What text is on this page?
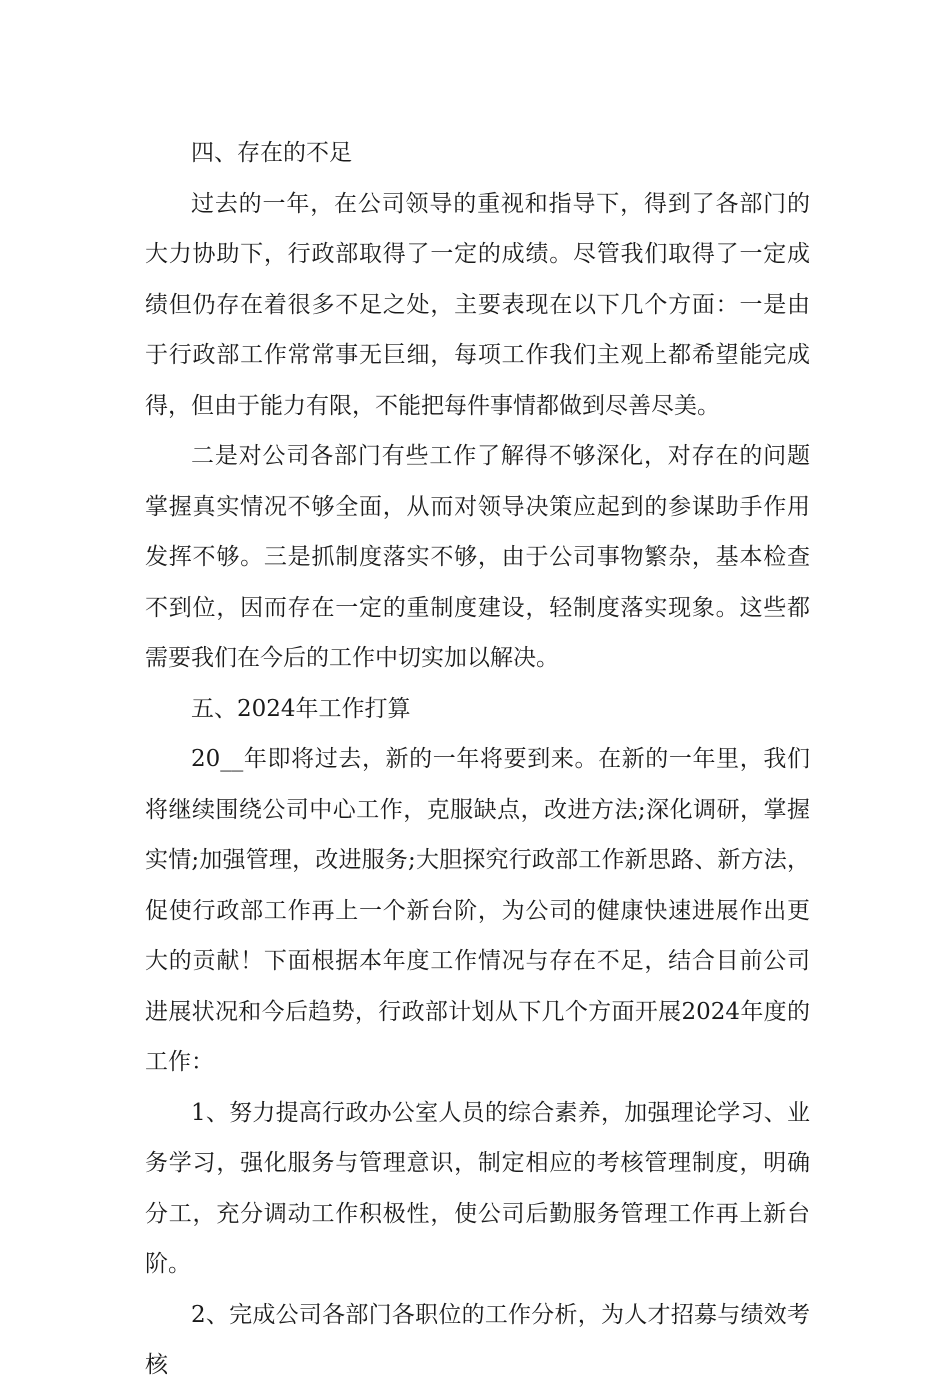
四、存在的不足

过去的一年，在公司领导的重视和指导下，得到了各部门的大力协助下，行政部取得了一定的成绩。尽管我们取得了一定成绩但仍存在着很多不足之处，主要表现在以下几个方面：一是由于行政部工作常常事无巨细，每项工作我们主观上都希望能完成得，但由于能力有限，不能把每件事情都做到尽善尽美。

二是对公司各部门有些工作了解得不够深化，对存在的问题掌握真实情况不够全面，从而对领导决策应起到的参谋助手作用发挥不够。三是抓制度落实不够，由于公司事物繁杂，基本检查不到位，因而存在一定的重制度建设，轻制度落实现象。这些都需要我们在今后的工作中切实加以解决。

五、2024年工作打算

20__年即将过去，新的一年将要到来。在新的一年里，我们将继续围绕公司中心工作，克服缺点，改进方法;深化调研，掌握实情;加强管理，改进服务;大胆探究行政部工作新思路、新方法，促使行政部工作再上一个新台阶，为公司的健康快速进展作出更大的贡献！下面根据本年度工作情况与存在不足，结合目前公司进展状况和今后趋势，行政部计划从下几个方面开展2024年度的工作：

1、努力提高行政办公室人员的综合素养，加强理论学习、业务学习，强化服务与管理意识，制定相应的考核管理制度，明确分工，充分调动工作积极性，使公司后勤服务管理工作再上新台阶。

2、完成公司各部门各职位的工作分析，为人才招募与绩效考核
